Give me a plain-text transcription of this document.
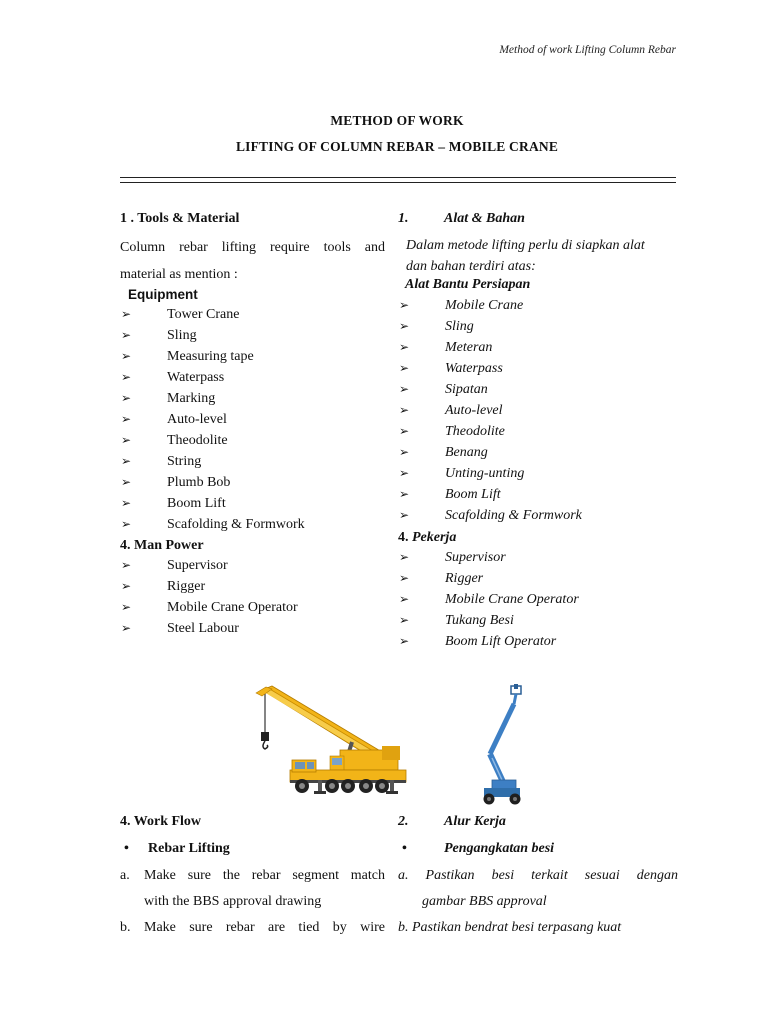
Method of work Lifting Column Rebar
METHOD OF WORK
LIFTING OF COLUMN REBAR – MOBILE CRANE
1 . Tools & Material
Column rebar lifting require tools and
material as mention :
Equipment
➢	Tower Crane
➢	Sling
➢	Measuring tape
➢	Waterpass
➢	Marking
➢	Auto-level
➢	Theodolite
➢	String
➢	Plumb Bob
➢	Boom Lift
➢	Scafolding & Formwork
4. Man Power
➢	Supervisor
➢	Rigger
➢	Mobile Crane Operator
➢	Steel Labour
1.	Alat & Bahan
Dalam metode lifting perlu di siapkan alat
dan bahan terdiri atas:
Alat Bantu Persiapan
➢	Mobile Crane
➢	Sling
➢	Meteran
➢	Waterpass
➢	Sipatan
➢	Auto-level
➢	Theodolite
➢	Benang
➢	Unting-unting
➢	Boom Lift
➢	Scafolding & Formwork
4. Pekerja
➢	Supervisor
➢	Rigger
➢	Mobile Crane Operator
➢	Tukang Besi
➢	Boom Lift Operator
4. Work Flow
• Rebar Lifting
a.	Make sure the rebar segment match
with the BBS approval drawing
b. Make sure rebar are tied by wire
2.	Alur Kerja
•	Pengangkatan besi
a. Pastikan besi terkait sesuai dengan
gambar BBS approval
b. Pastikan bendrat besi terpasang kuat
